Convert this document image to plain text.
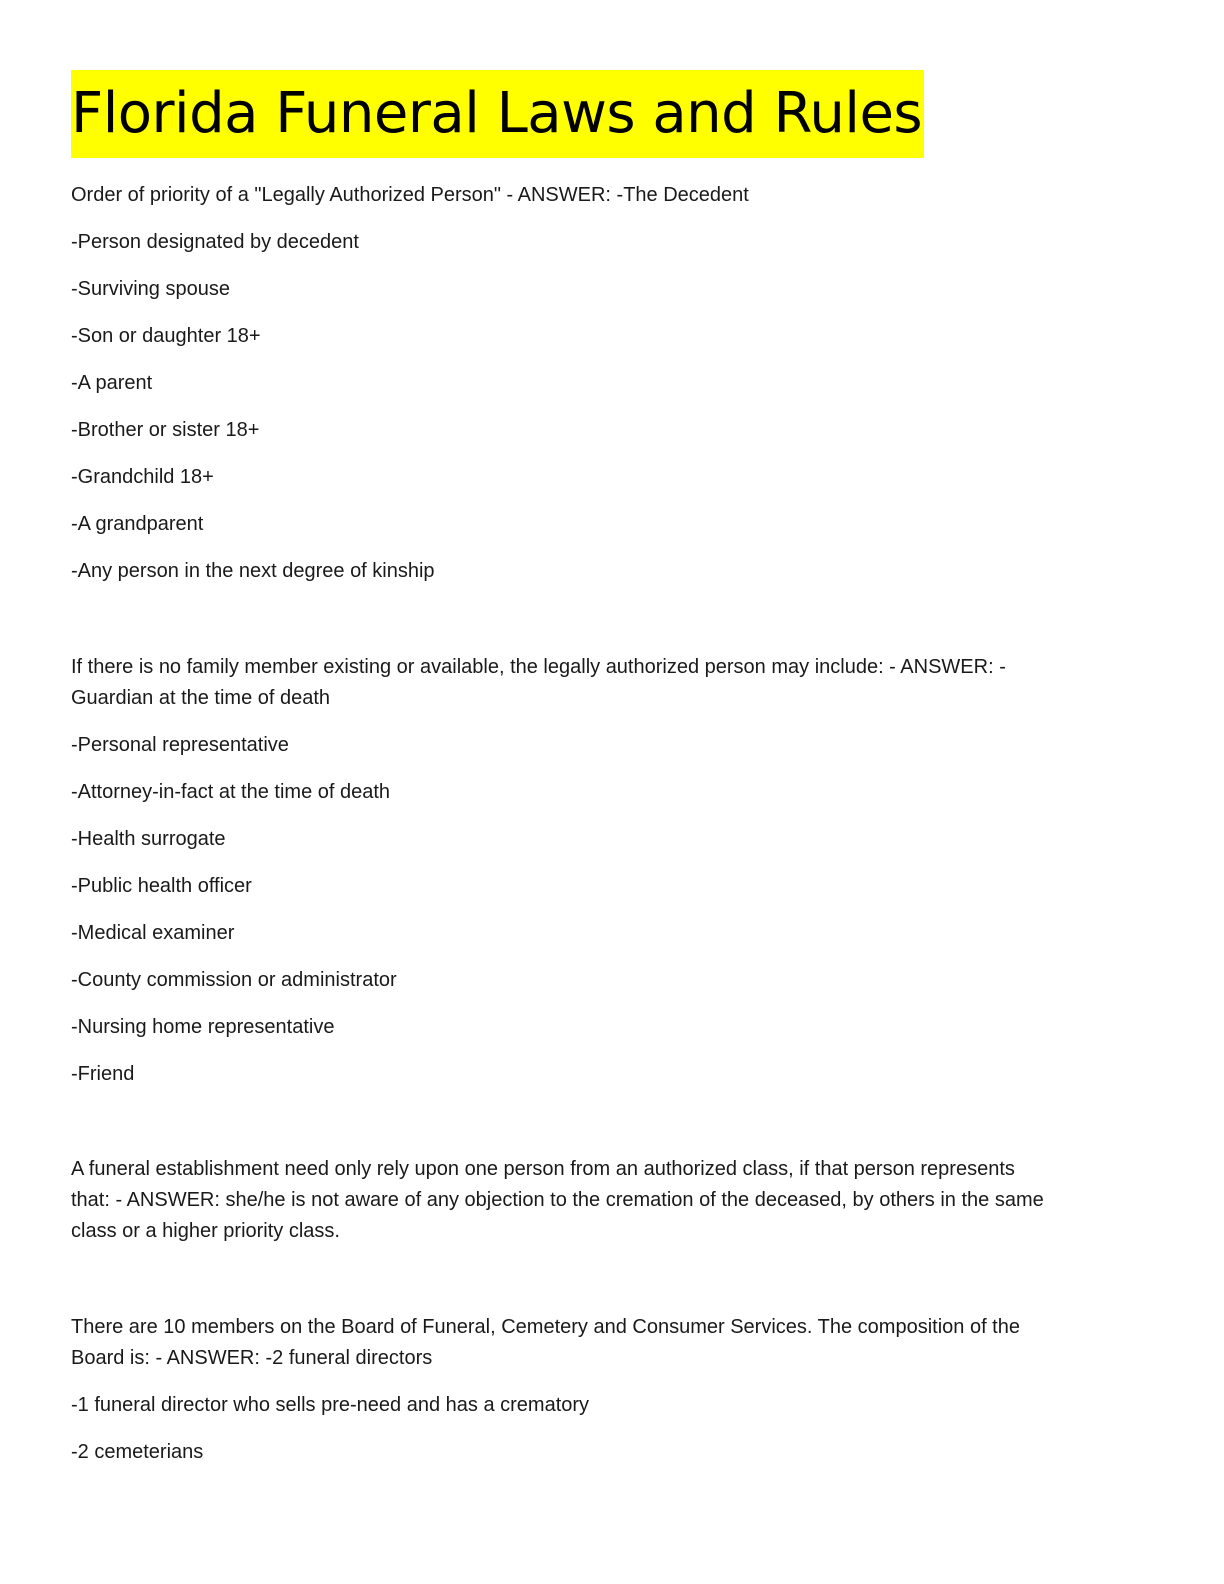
Florida Funeral Laws and Rules

Order of priority of a "Legally Authorized Person" - ANSWER: -The Decedent

-Person designated by decedent

-Surviving spouse

-Son or daughter 18+

-A parent

-Brother or sister 18+

-Grandchild 18+

-A grandparent

-Any person in the next degree of kinship

If there is no family member existing or available, the legally authorized person may include: - ANSWER: -

Guardian at the time of death

-Personal representative

-Attorney-in-fact at the time of death

-Health surrogate

-Public health officer

-Medical examiner

-County commission or administrator

-Nursing home representative

-Friend

A funeral establishment need only rely upon one person from an authorized class, if that person represents

that: - ANSWER: she/he is not aware of any objection to the cremation of the deceased, by others in the same

class or a higher priority class.

There are 10 members on the Board of Funeral, Cemetery and Consumer Services. The composition of the

Board is: - ANSWER: -2 funeral directors

-1 funeral director who sells pre-need and has a crematory

-2 cemeterians
